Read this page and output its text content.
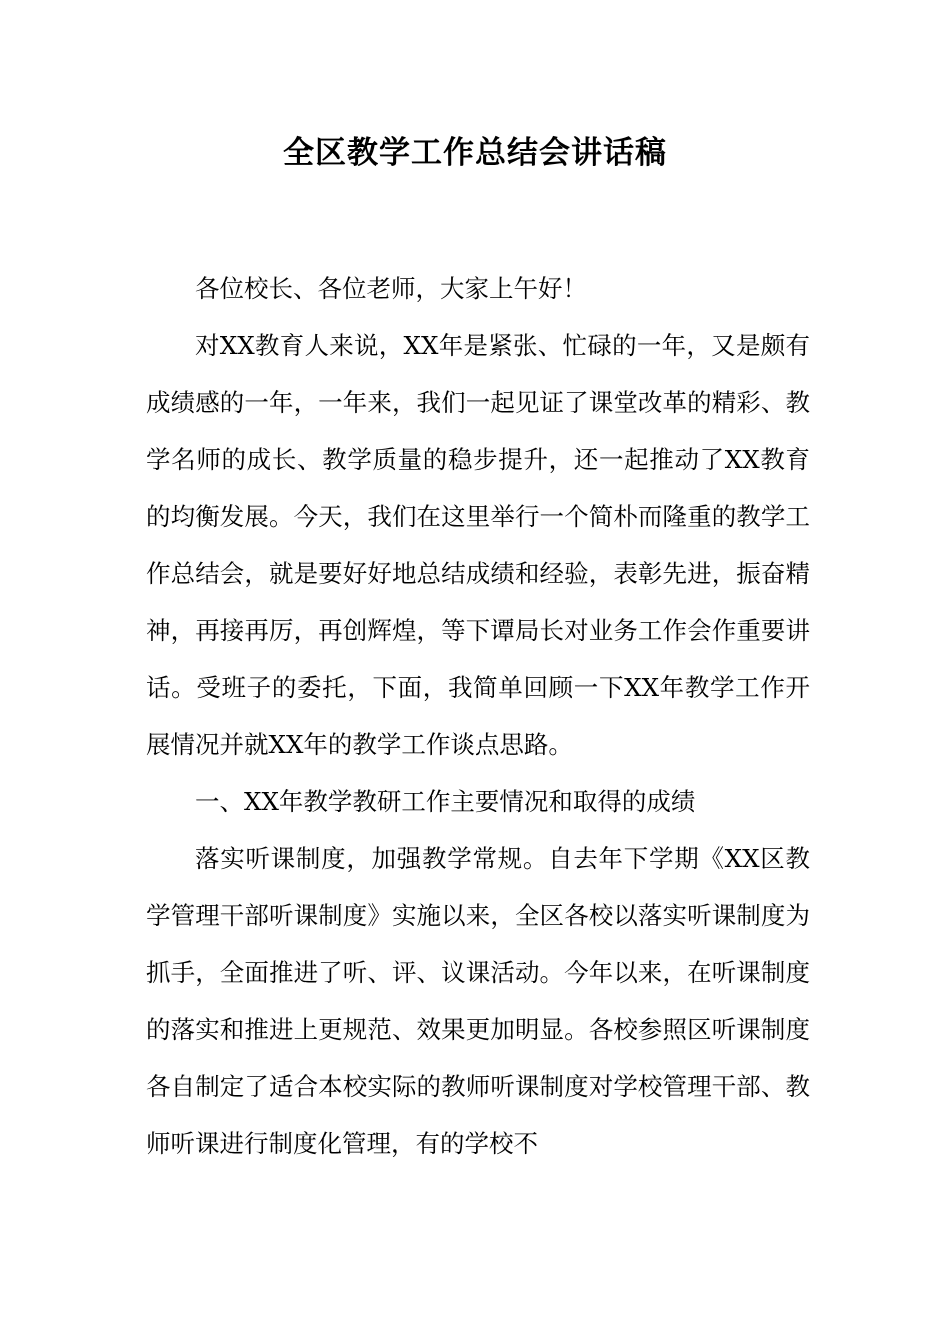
全区教学工作总结会讲话稿

各位校长、各位老师，大家上午好！

对XX教育人来说，XX年是紧张、忙碌的一年，又是颇有成绩感的一年，一年来，我们一起见证了课堂改革的精彩、教学名师的成长、教学质量的稳步提升，还一起推动了XX教育的均衡发展。今天，我们在这里举行一个简朴而隆重的教学工作总结会，就是要好好地总结成绩和经验，表彰先进，振奋精神，再接再厉，再创辉煌，等下谭局长对业务工作会作重要讲话。受班子的委托，下面，我简单回顾一下XX年教学工作开展情况并就XX年的教学工作谈点思路。

一、XX年教学教研工作主要情况和取得的成绩

落实听课制度，加强教学常规。自去年下学期《XX区教学管理干部听课制度》实施以来，全区各校以落实听课制度为抓手，全面推进了听、评、议课活动。今年以来，在听课制度的落实和推进上更规范、效果更加明显。各校参照区听课制度各自制定了适合本校实际的教师听课制度对学校管理干部、教师听课进行制度化管理，有的学校不
